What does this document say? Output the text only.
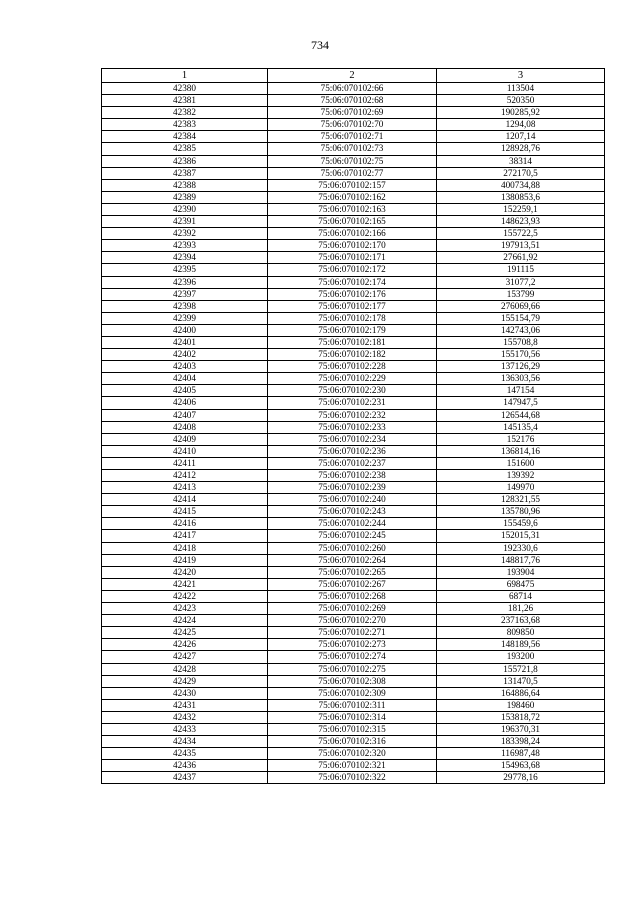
734
1	2	3
42380	75:06:070102:66	113504
42381	75:06:070102:68	520350
42382	75:06:070102:69	190285,92
42383	75:06:070102:70	1294,08
42384	75:06:070102:71	1207,14
42385	75:06:070102:73	128928,76
42386	75:06:070102:75	38314
42387	75:06:070102:77	272170,5
42388	75:06:070102:157	400734,88
42389	75:06:070102:162	1380853,6
42390	75:06:070102:163	152259,1
42391	75:06:070102:165	148623,93
42392	75:06:070102:166	155722,5
42393	75:06:070102:170	197913,51
42394	75:06:070102:171	27661,92
42395	75:06:070102:172	191115
42396	75:06:070102:174	31077,2
42397	75:06:070102:176	153799
42398	75:06:070102:177	276069,66
42399	75:06:070102:178	155154,79
42400	75:06:070102:179	142743,06
42401	75:06:070102:181	155708,8
42402	75:06:070102:182	155170,56
42403	75:06:070102:228	137126,29
42404	75:06:070102:229	136303,56
42405	75:06:070102:230	147154
42406	75:06:070102:231	147947,5
42407	75:06:070102:232	126544,68
42408	75:06:070102:233	145135,4
42409	75:06:070102:234	152176
42410	75:06:070102:236	136814,16
42411	75:06:070102:237	151600
42412	75:06:070102:238	139392
42413	75:06:070102:239	149970
42414	75:06:070102:240	128321,55
42415	75:06:070102:243	135780,96
42416	75:06:070102:244	155459,6
42417	75:06:070102:245	152015,31
42418	75:06:070102:260	192330,6
42419	75:06:070102:264	148817,76
42420	75:06:070102:265	193904
42421	75:06:070102:267	698475
42422	75:06:070102:268	68714
42423	75:06:070102:269	181,26
42424	75:06:070102:270	237163,68
42425	75:06:070102:271	809850
42426	75:06:070102:273	148189,56
42427	75:06:070102:274	193200
42428	75:06:070102:275	155721,8
42429	75:06:070102:308	131470,5
42430	75:06:070102:309	164886,64
42431	75:06:070102:311	198460
42432	75:06:070102:314	153818,72
42433	75:06:070102:315	196370,31
42434	75:06:070102:316	183398,24
42435	75:06:070102:320	116987,48
42436	75:06:070102:321	154963,68
42437	75:06:070102:322	29778,16
